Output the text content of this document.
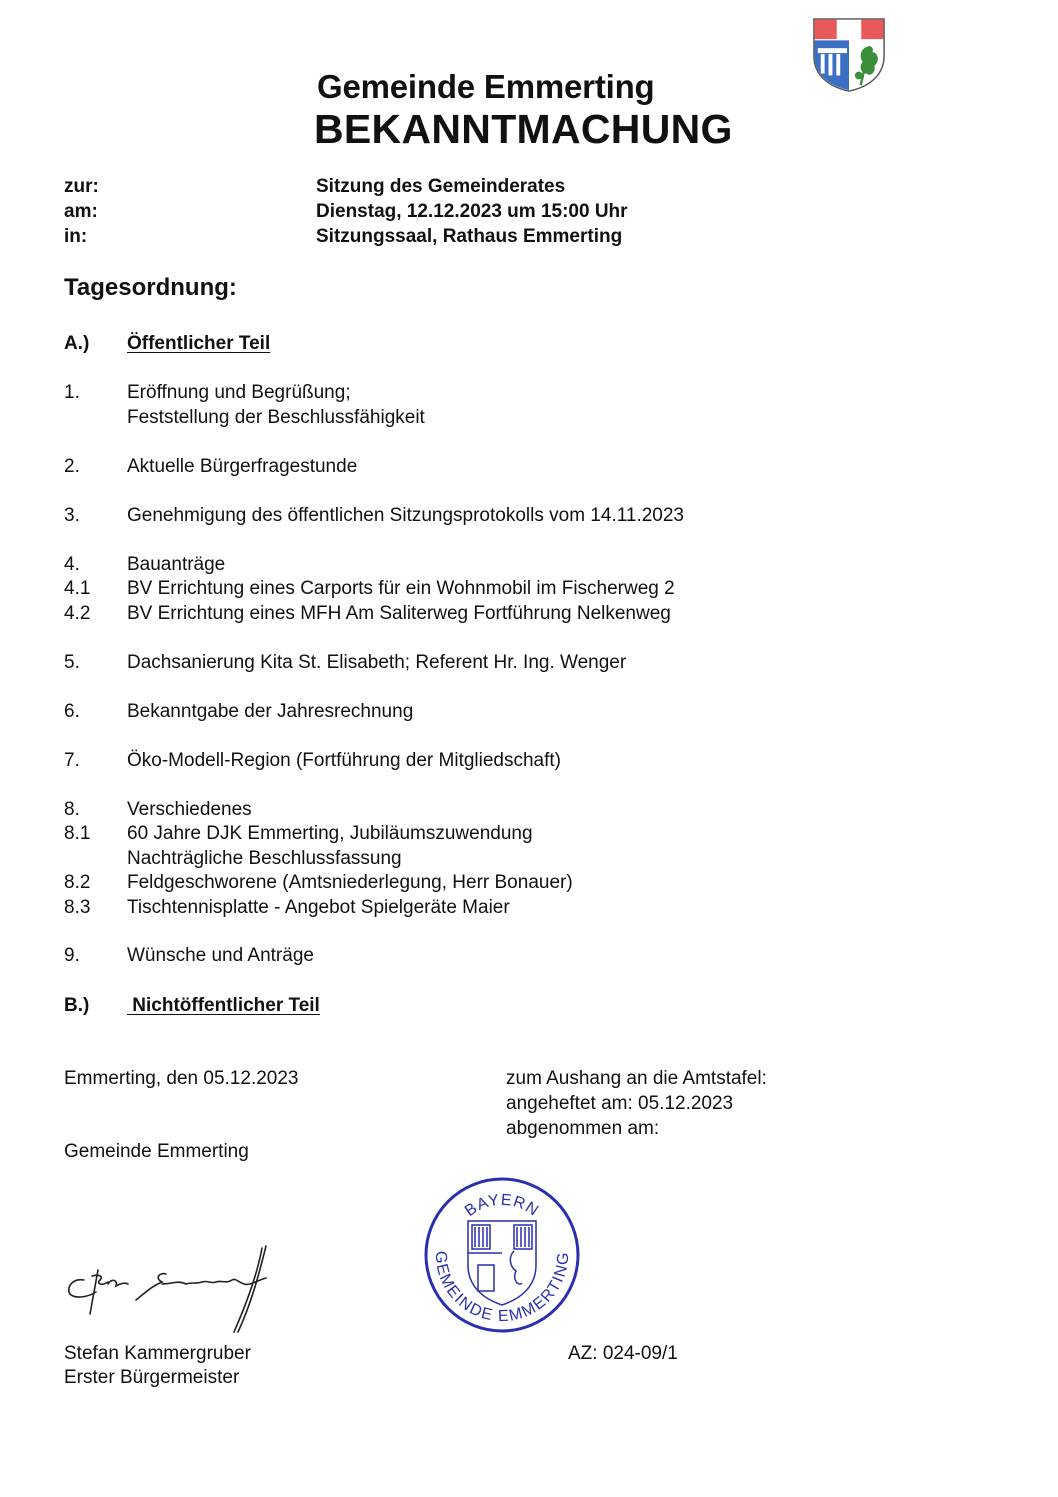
Gemeinde Emmerting
BEKANNTMACHUNG
zur:	Sitzung des Gemeinderates
am:	Dienstag, 12.12.2023 um 15:00 Uhr
in:	Sitzungssaal, Rathaus Emmerting
Tagesordnung:
A.) Öffentlicher Teil
1. Eröffnung und Begrüßung;
Feststellung der Beschlussfähigkeit
2. Aktuelle Bürgerfragestunde
3. Genehmigung des öffentlichen Sitzungsprotokolls vom 14.11.2023
4. Bauanträge
4.1 BV Errichtung eines Carports für ein Wohnmobil im Fischerweg 2
4.2 BV Errichtung eines MFH Am Saliterweg Fortführung Nelkenweg
5. Dachsanierung Kita St. Elisabeth; Referent Hr. Ing. Wenger
6. Bekanntgabe der Jahresrechnung
7. Öko-Modell-Region (Fortführung der Mitgliedschaft)
8. Verschiedenes
8.1 60 Jahre DJK Emmerting, Jubiläumszuwendung
Nachträgliche Beschlussfassung
8.2 Feldgeschworene (Amtsniederlegung, Herr Bonauer)
8.3 Tischtennisplatte - Angebot Spielgeräte Maier
9. Wünsche und Anträge
B.) Nichtöffentlicher Teil
Emmerting, den 05.12.2023	zum Aushang an die Amtstafel:
angeheftet am: 05.12.2023
abgenommen am:
Gemeinde Emmerting
BAYERN
GEMEINDE EMMERTING
Stefan Kammergruber
Erster Bürgermeister
AZ: 024-09/1
